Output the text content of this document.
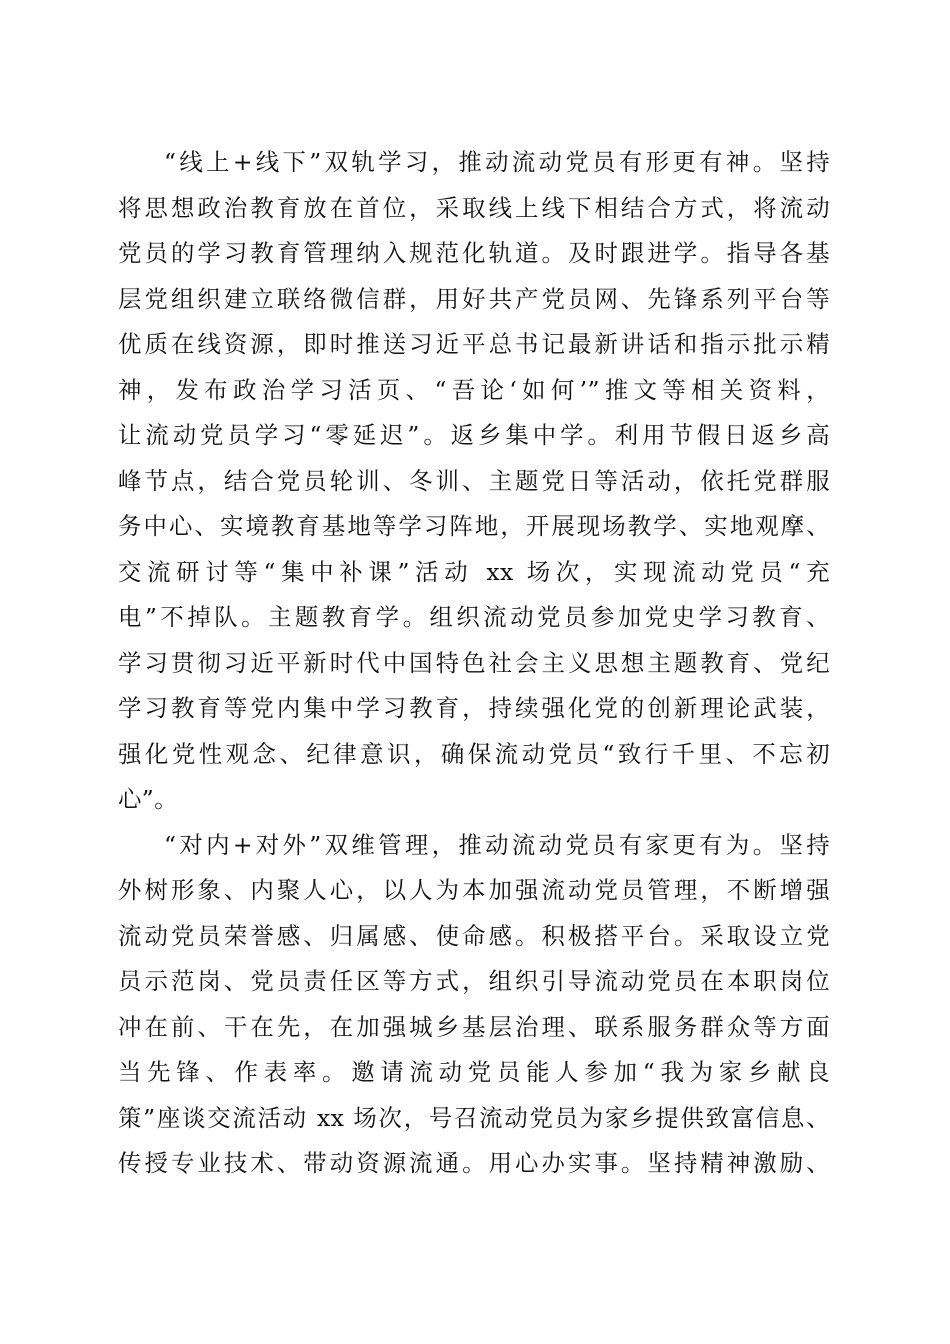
“线上+线下”双轨学习，推动流动党员有形更有神。坚持
将思想政治教育放在首位，采取线上线下相结合方式，将流动
党员的学习教育管理纳入规范化轨道。及时跟进学。指导各基
层党组织建立联络微信群，用好共产党员网、先锋系列平台等
优质在线资源，即时推送习近平总书记最新讲话和指示批示精
神，发布政治学习活页、“吾论‘如何’”推文等相关资料，
让流动党员学习“零延迟”。返乡集中学。利用节假日返乡高
峰节点，结合党员轮训、冬训、主题党日等活动，依托党群服
务中心、实境教育基地等学习阵地，开展现场教学、实地观摩、
交流研讨等“集中补课”活动 xx 场次，实现流动党员“充
电”不掉队。主题教育学。组织流动党员参加党史学习教育、
学习贯彻习近平新时代中国特色社会主义思想主题教育、党纪
学习教育等党内集中学习教育，持续强化党的创新理论武装，
强化党性观念、纪律意识，确保流动党员“致行千里、不忘初
心”。

“对内+对外”双维管理，推动流动党员有家更有为。坚持
外树形象、内聚人心，以人为本加强流动党员管理，不断增强
流动党员荣誉感、归属感、使命感。积极搭平台。采取设立党
员示范岗、党员责任区等方式，组织引导流动党员在本职岗位
冲在前、干在先，在加强城乡基层治理、联系服务群众等方面
当先锋、作表率。邀请流动党员能人参加“我为家乡献良
策”座谈交流活动 xx 场次，号召流动党员为家乡提供致富信息、
传授专业技术、带动资源流通。用心办实事。坚持精神激励、
